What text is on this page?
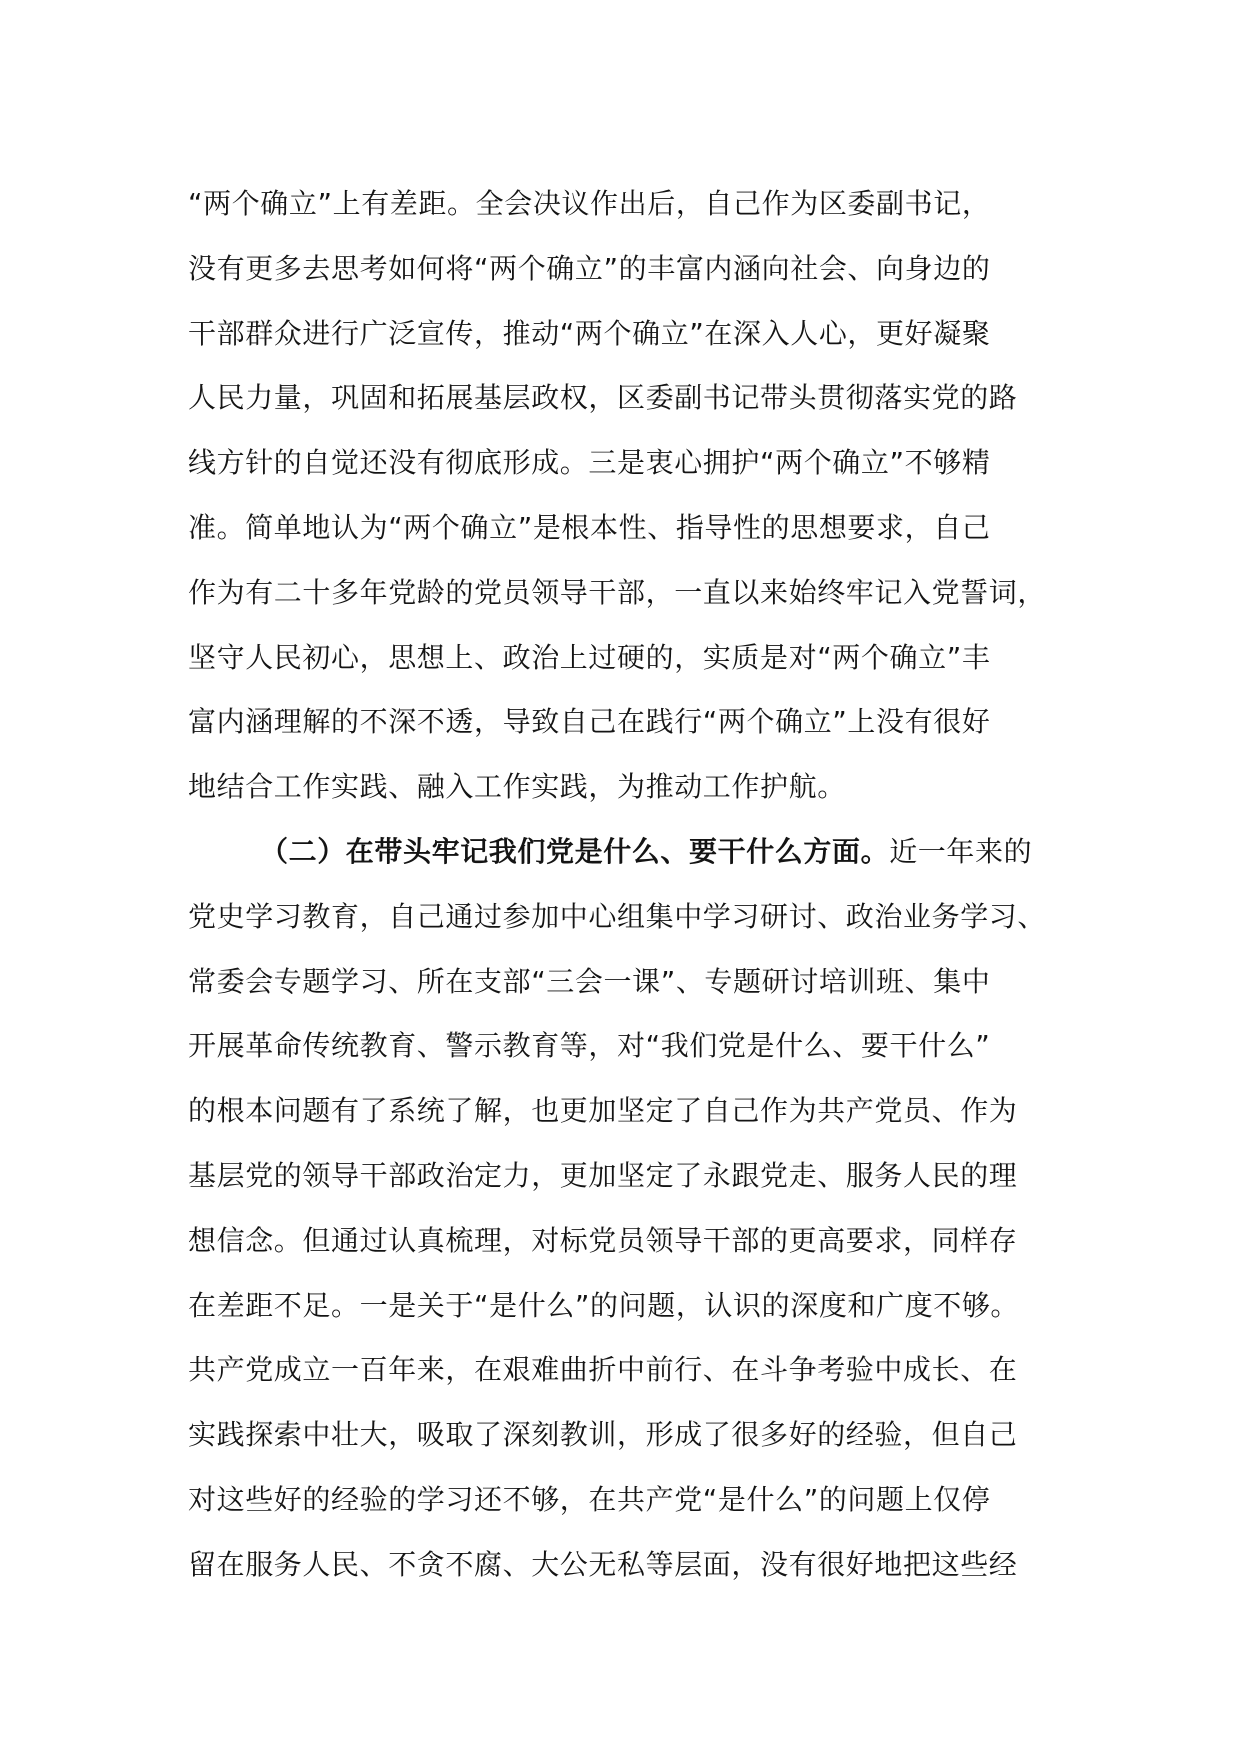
“两个确立”上有差距。全会决议作出后，自己作为区委副书记，
没有更多去思考如何将“两个确立”的丰富内涵向社会、向身边的
干部群众进行广泛宣传，推动“两个确立”在深入人心，更好凝聚
人民力量，巩固和拓展基层政权，区委副书记带头贯彻落实党的路
线方针的自觉还没有彻底形成。三是衷心拥护“两个确立”不够精
准。简单地认为“两个确立”是根本性、指导性的思想要求，自己
作为有二十多年党龄的党员领导干部，一直以来始终牢记入党誓词，
坚守人民初心，思想上、政治上过硬的，实质是对“两个确立”丰
富内涵理解的不深不透，导致自己在践行“两个确立”上没有很好
地结合工作实践、融入工作实践，为推动工作护航。
（二）在带头牢记我们党是什么、要干什么方面。近一年来的
党史学习教育，自己通过参加中心组集中学习研讨、政治业务学习、
常委会专题学习、所在支部“三会一课”、专题研讨培训班、集中
开展革命传统教育、警示教育等，对“我们党是什么、要干什么”
的根本问题有了系统了解，也更加坚定了自己作为共产党员、作为
基层党的领导干部政治定力，更加坚定了永跟党走、服务人民的理
想信念。但通过认真梳理，对标党员领导干部的更高要求，同样存
在差距不足。一是关于“是什么”的问题，认识的深度和广度不够。
共产党成立一百年来，在艰难曲折中前行、在斗争考验中成长、在
实践探索中壮大，吸取了深刻教训，形成了很多好的经验，但自己
对这些好的经验的学习还不够，在共产党“是什么”的问题上仅停
留在服务人民、不贪不腐、大公无私等层面，没有很好地把这些经
